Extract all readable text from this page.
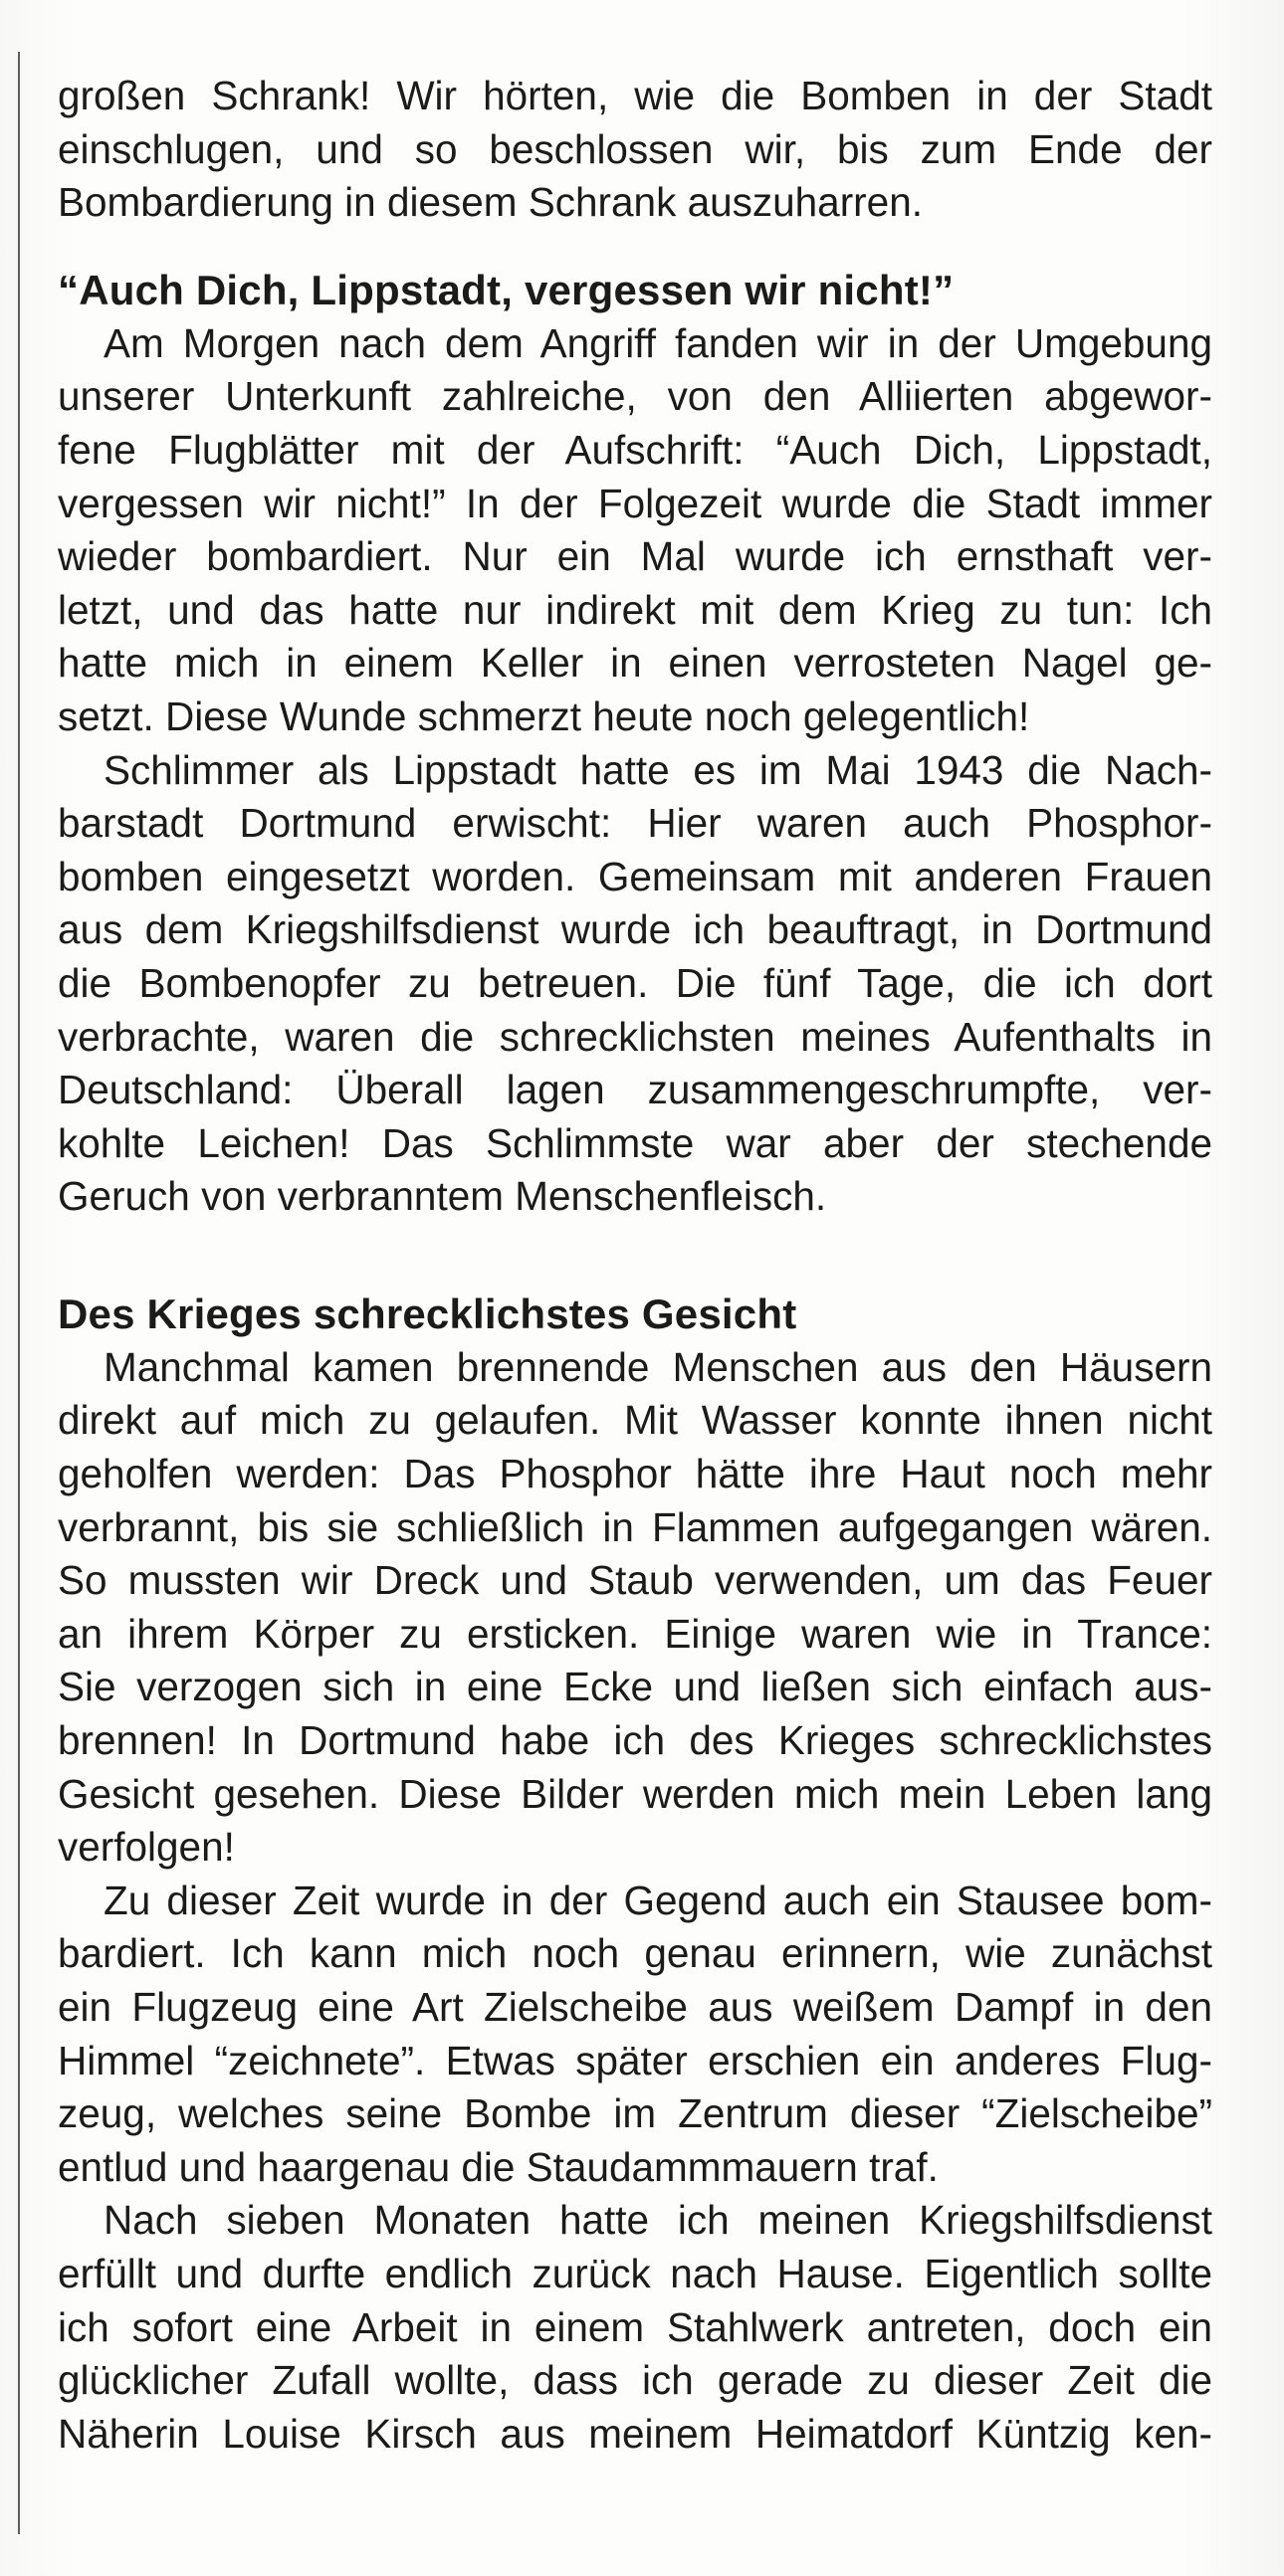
großen Schrank! Wir hörten, wie die Bomben in der Stadt
einschlugen, und so beschlossen wir, bis zum Ende der
Bombardierung in diesem Schrank auszuharren.

“Auch Dich, Lippstadt, vergessen wir nicht!”

Am Morgen nach dem Angriff fanden wir in der Umgebung
unserer Unterkunft zahlreiche, von den Alliierten abgewor-
fene Flugblätter mit der Aufschrift: “Auch Dich, Lippstadt,
vergessen wir nicht!” In der Folgezeit wurde die Stadt immer
wieder bombardiert. Nur ein Mal wurde ich ernsthaft ver-
letzt, und das hatte nur indirekt mit dem Krieg zu tun: Ich
hatte mich in einem Keller in einen verrosteten Nagel ge-
setzt. Diese Wunde schmerzt heute noch gelegentlich!

Schlimmer als Lippstadt hatte es im Mai 1943 die Nach-
barstadt Dortmund erwischt: Hier waren auch Phosphor-
bomben eingesetzt worden. Gemeinsam mit anderen Frauen
aus dem Kriegshilfsdienst wurde ich beauftragt, in Dortmund
die Bombenopfer zu betreuen. Die fünf Tage, die ich dort
verbrachte, waren die schrecklichsten meines Aufenthalts in
Deutschland: Überall lagen zusammengeschrumpfte, ver-
kohlte Leichen! Das Schlimmste war aber der stechende
Geruch von verbranntem Menschenfleisch.

Des Krieges schrecklichstes Gesicht

Manchmal kamen brennende Menschen aus den Häusern
direkt auf mich zu gelaufen. Mit Wasser konnte ihnen nicht
geholfen werden: Das Phosphor hätte ihre Haut noch mehr
verbrannt, bis sie schließlich in Flammen aufgegangen wären.
So mussten wir Dreck und Staub verwenden, um das Feuer
an ihrem Körper zu ersticken. Einige waren wie in Trance:
Sie verzogen sich in eine Ecke und ließen sich einfach aus-
brennen! In Dortmund habe ich des Krieges schrecklichstes
Gesicht gesehen. Diese Bilder werden mich mein Leben lang
verfolgen!

Zu dieser Zeit wurde in der Gegend auch ein Stausee bom-
bardiert. Ich kann mich noch genau erinnern, wie zunächst
ein Flugzeug eine Art Zielscheibe aus weißem Dampf in den
Himmel “zeichnete”. Etwas später erschien ein anderes Flug-
zeug, welches seine Bombe im Zentrum dieser “Zielscheibe”
entlud und haargenau die Staudammmauern traf.

Nach sieben Monaten hatte ich meinen Kriegshilfsdienst
erfüllt und durfte endlich zurück nach Hause. Eigentlich sollte
ich sofort eine Arbeit in einem Stahlwerk antreten, doch ein
glücklicher Zufall wollte, dass ich gerade zu dieser Zeit die
Näherin Louise Kirsch aus meinem Heimatdorf Küntzig ken-
